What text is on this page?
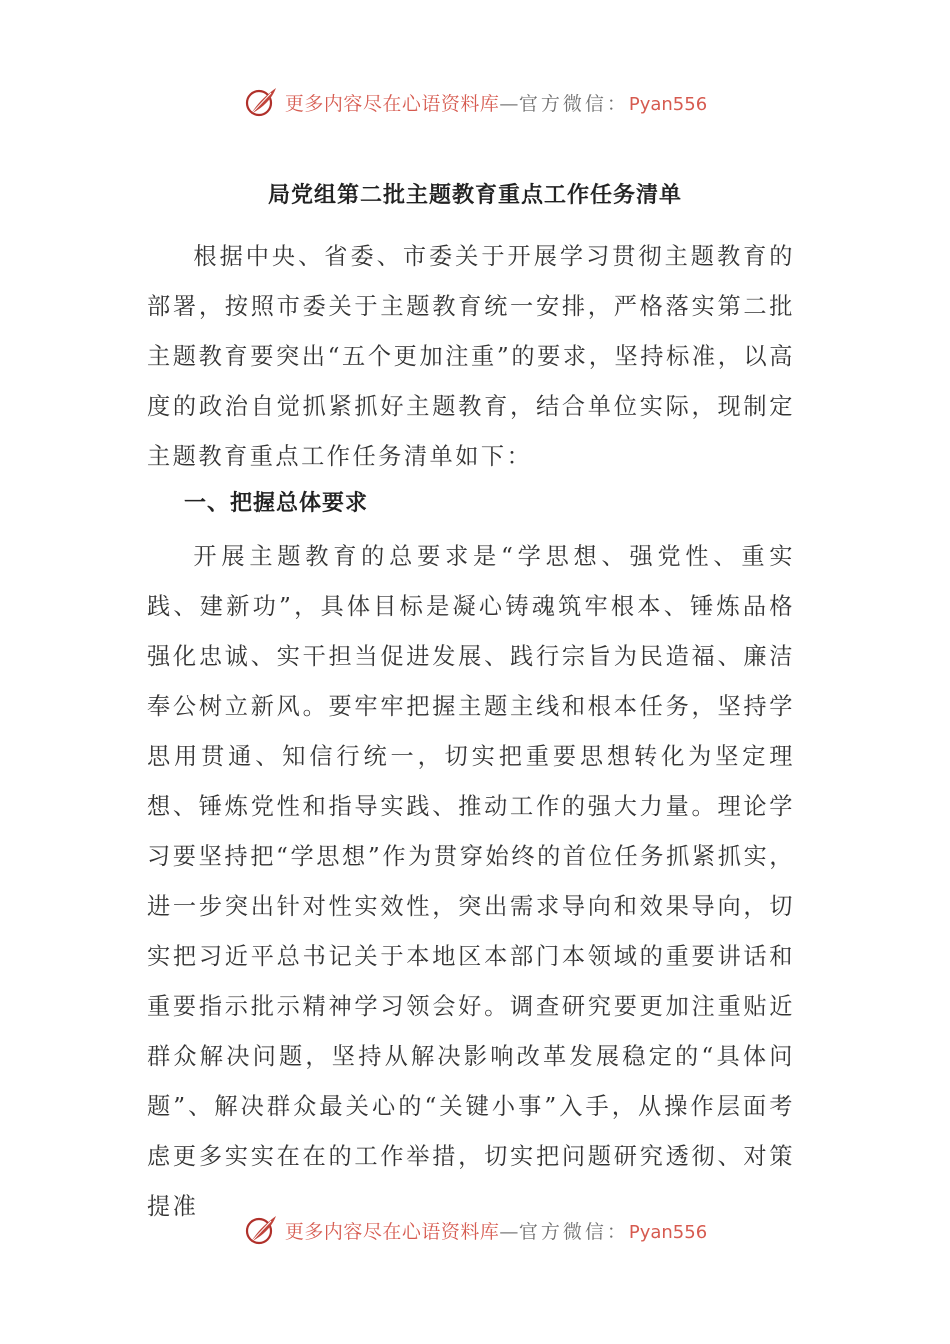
更多内容尽在心语资料库—官方微信：Pyan556
局党组第二批主题教育重点工作任务清单

根据中央、省委、市委关于开展学习贯彻主题教育的部署，按照市委关于主题教育统一安排，严格落实第二批主题教育要突出“五个更加注重”的要求，坚持标准，以高度的政治自觉抓紧抓好主题教育，结合单位实际，现制定主题教育重点工作任务清单如下：

一、把握总体要求

开展主题教育的总要求是“学思想、强党性、重实践、建新功”，具体目标是凝心铸魂筑牢根本、锤炼品格强化忠诚、实干担当促进发展、践行宗旨为民造福、廉洁奉公树立新风。要牢牢把握主题主线和根本任务，坚持学思用贯通、知信行统一，切实把重要思想转化为坚定理想、锤炼党性和指导实践、推动工作的强大力量。理论学习要坚持把“学思想”作为贯穿始终的首位任务抓紧抓实，进一步突出针对性实效性，突出需求导向和效果导向，切实把习近平总书记关于本地区本部门本领域的重要讲话和重要指示批示精神学习领会好。调查研究要更加注重贴近群众解决问题，坚持从解决影响改革发展稳定的“具体问题”、解决群众最关心的“关键小事”入手，从操作层面考虑更多实实在在的工作举措，切实把问题研究透彻、对策提准

更多内容尽在心语资料库—官方微信：Pyan556
